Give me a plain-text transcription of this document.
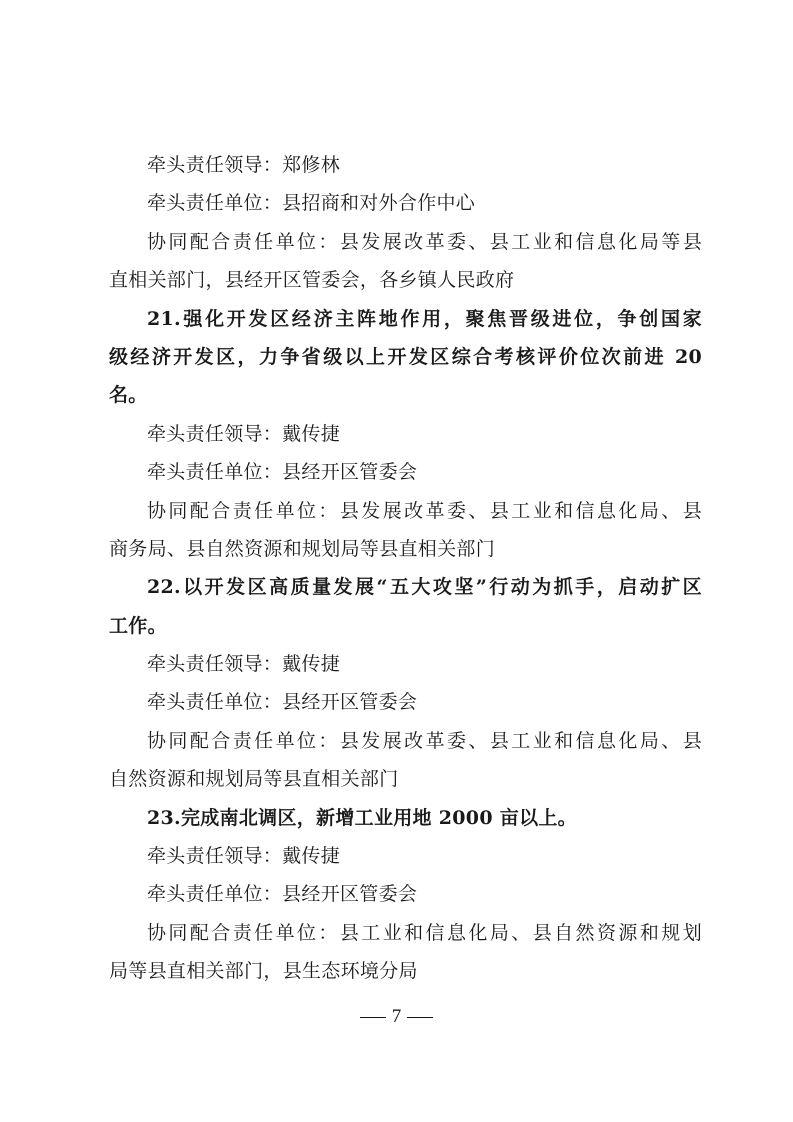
牵头责任领导：郑修林
牵头责任单位：县招商和对外合作中心
协同配合责任单位：县发展改革委、县工业和信息化局等县
直相关部门，县经开区管委会，各乡镇人民政府
21.强化开发区经济主阵地作用，聚焦晋级进位，争创国家
级经济开发区，力争省级以上开发区综合考核评价位次前进 20
名。
牵头责任领导：戴传捷
牵头责任单位：县经开区管委会
协同配合责任单位：县发展改革委、县工业和信息化局、县
商务局、县自然资源和规划局等县直相关部门
22.以开发区高质量发展“五大攻坚”行动为抓手，启动扩区
工作。
牵头责任领导：戴传捷
牵头责任单位：县经开区管委会
协同配合责任单位：县发展改革委、县工业和信息化局、县
自然资源和规划局等县直相关部门
23.完成南北调区，新增工业用地 2000 亩以上。
牵头责任领导：戴传捷
牵头责任单位：县经开区管委会
协同配合责任单位：县工业和信息化局、县自然资源和规划
局等县直相关部门，县生态环境分局
7
